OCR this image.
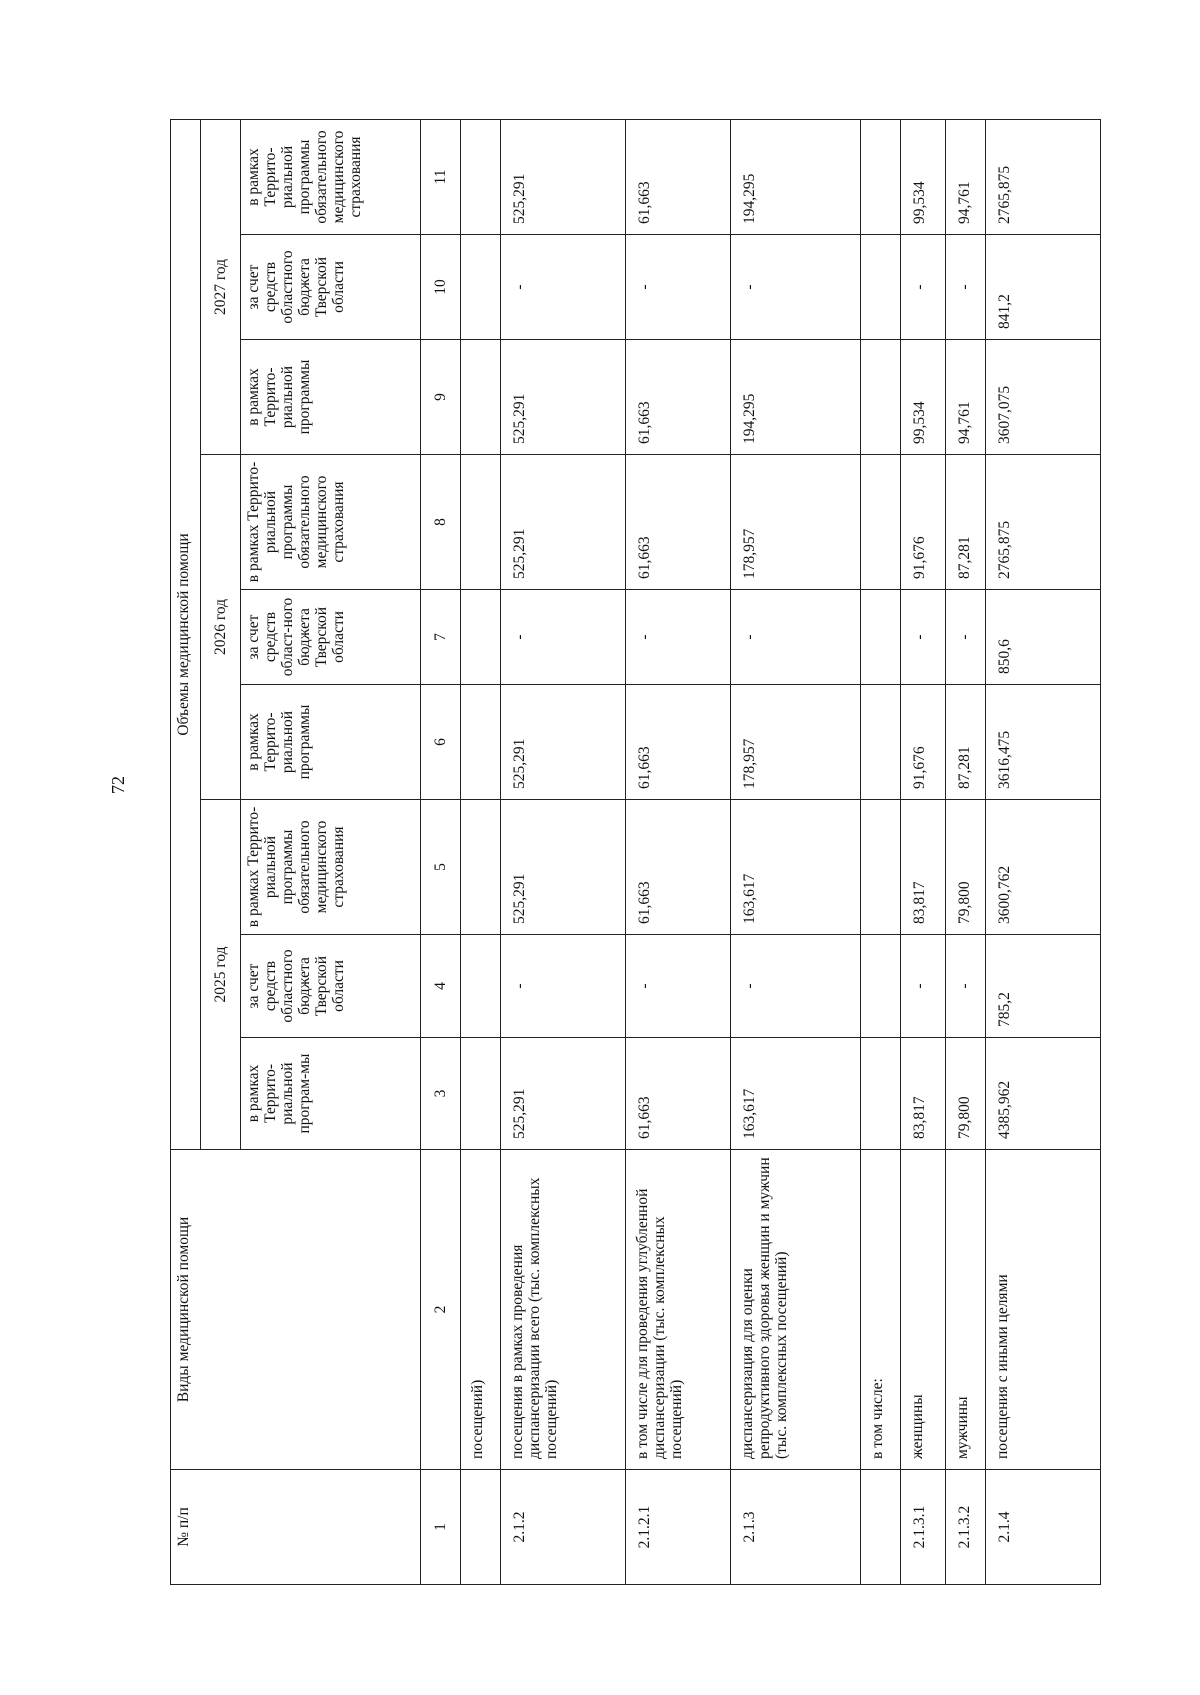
72
№ п/п	Виды медицинской помощи	Объемы медицинской помощи								
		2025 год			2026 год			2027 год		
		в рамках Террито-риальной програм-мы	за счет средств областного бюджета Тверской области	в рамках Террито-риальной программы обязательного медицинского страхования	в рамках Террито-риальной программы	за счет средств област-ного бюджета Тверской области	в рамках Террито-риальной программы обязательного медицинского страхования	в рамках Террито-риальной программы	за счет средств областного бюджета Тверской области	в рамках Террито-риальной программы обязательного медицинского страхования
1	2	3	4	5	6	7	8	9	10	11
	посещений)									
2.1.2	посещения в рамках проведения диспансеризации всего (тыс. комплексных посещений)	525,291	-	525,291	525,291	-	525,291	525,291	-	525,291
2.1.2.1	в том числе для проведения углубленной диспансеризации (тыс. комплексных посещений)	61,663	-	61,663	61,663	-	61,663	61,663	-	61,663
2.1.3	диспансеризация для оценки репродуктивного здоровья женщин и мужчин (тыс. комплексных посещений)	163,617	-	163,617	178,957	-	178,957	194,295	-	194,295
	в том числе:									
2.1.3.1	женщины	83,817	-	83,817	91,676	-	91,676	99,534	-	99,534
2.1.3.2	мужчины	79,800	-	79,800	87,281	-	87,281	94,761	-	94,761
2.1.4	посещения с иными целями	4385,962	785,2	3600,762	3616,475	850,6	2765,875	3607,075	841,2	2765,875
